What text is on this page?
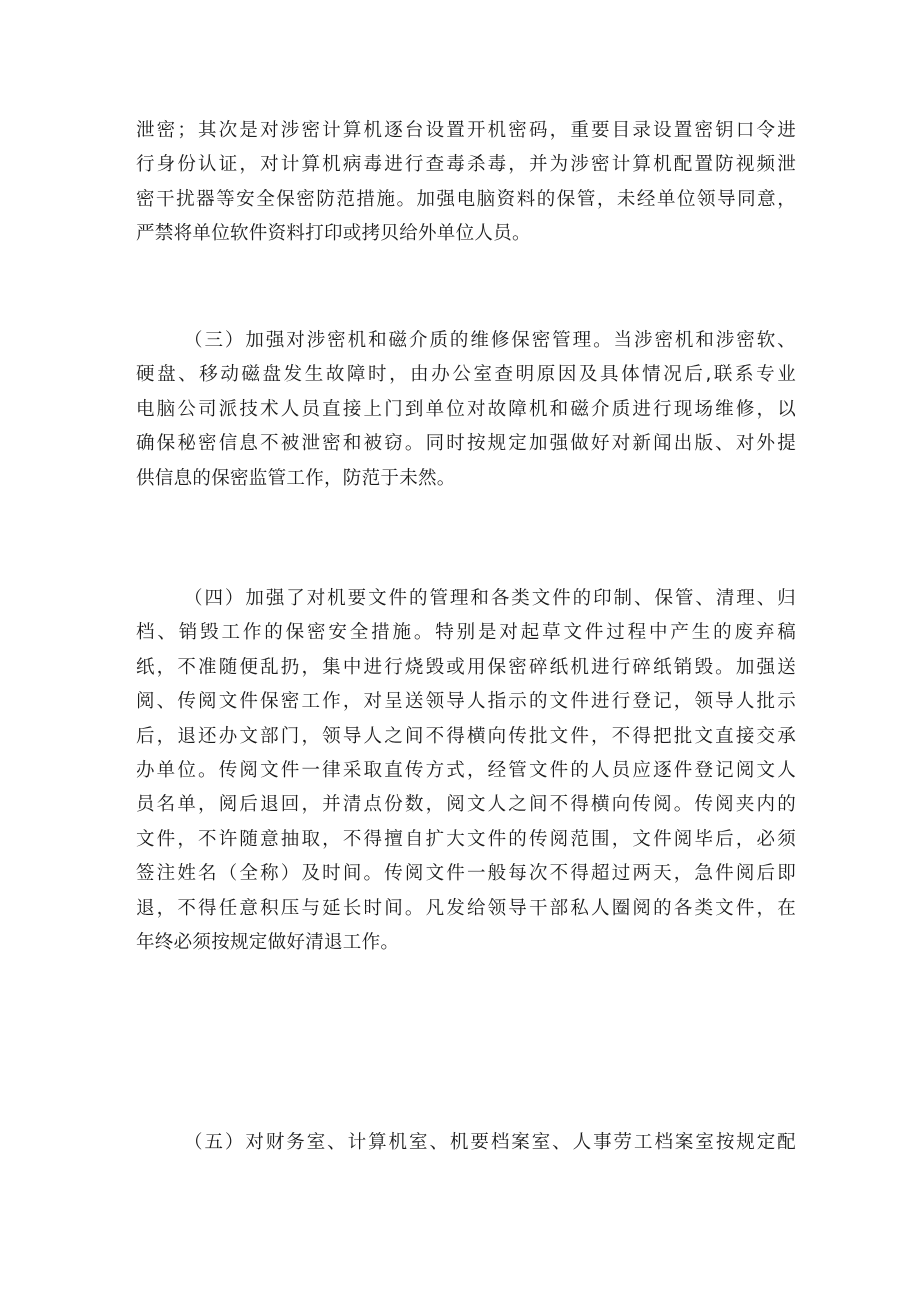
泄密；其次是对涉密计算机逐台设置开机密码，重要目录设置密钥口令进
行身份认证，对计算机病毒进行查毒杀毒，并为涉密计算机配置防视频泄
密干扰器等安全保密防范措施。加强电脑资料的保管，未经单位领导同意，
严禁将单位软件资料打印或拷贝给外单位人员。
（三）加强对涉密机和磁介质的维修保密管理。当涉密机和涉密软、
硬盘、移动磁盘发生故障时，由办公室查明原因及具体情况后,联系专业
电脑公司派技术人员直接上门到单位对故障机和磁介质进行现场维修，以
确保秘密信息不被泄密和被窃。同时按规定加强做好对新闻出版、对外提
供信息的保密监管工作，防范于未然。
（四）加强了对机要文件的管理和各类文件的印制、保管、清理、归
档、销毁工作的保密安全措施。特别是对起草文件过程中产生的废弃稿
纸，不准随便乱扔，集中进行烧毁或用保密碎纸机进行碎纸销毁。加强送
阅、传阅文件保密工作，对呈送领导人指示的文件进行登记，领导人批示
后，退还办文部门，领导人之间不得横向传批文件，不得把批文直接交承
办单位。传阅文件一律采取直传方式，经管文件的人员应逐件登记阅文人
员名单，阅后退回，并清点份数，阅文人之间不得横向传阅。传阅夹内的
文件，不许随意抽取，不得擅自扩大文件的传阅范围，文件阅毕后，必须
签注姓名（全称）及时间。传阅文件一般每次不得超过两天，急件阅后即
退，不得任意积压与延长时间。凡发给领导干部私人圈阅的各类文件，在
年终必须按规定做好清退工作。
（五）对财务室、计算机室、机要档案室、人事劳工档案室按规定配
